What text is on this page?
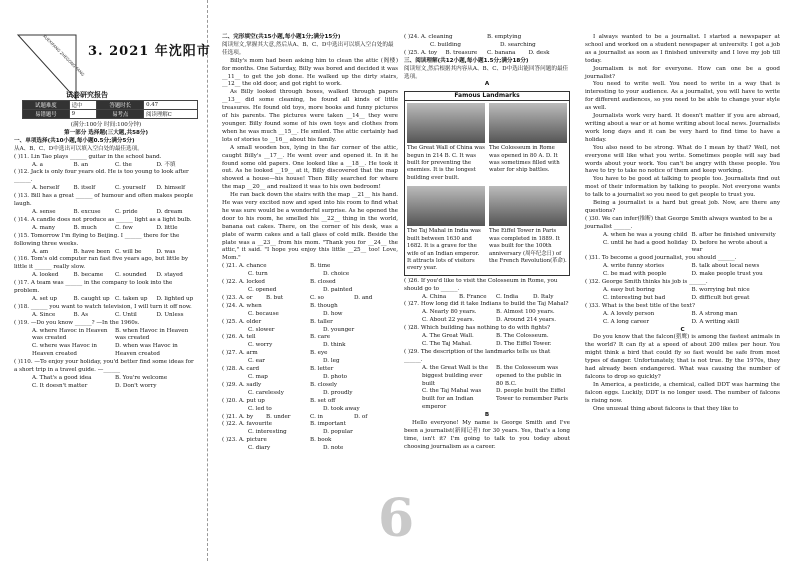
XUEXIFANG ZHEGONG FANG 3. 2021 年沈阳市
试卷研究报告
试题难度	适中	答题时长	0.47
易错题号	9	易考点	阅读理解C

(满分:100分 时间:100分钟)

第一部分 选择题(三大题,共58分)

一、单项选择(共10小题,每小题0.5分;满分5分)

从A、B、C、D中选出可以填入空白处的最佳选项。

( )11. Lin Tao plays ______ guitar in the school band.

A. a	B. an	C. the	D. 不填

( )12. Jack is only four years old. He is too young to look after ______.

A. herself	B. itself	C. yourself	D. himself

( )13. Bill has a great ______ of humour and often makes people laugh.

A. sense	B. excuse	C. pride	D. dream

( )14. A candle does not produce as ______ light as a light bulb.

A. many	B. much	C. few	D. little

( )15. Tomorrow I'm flying to Beijing. I ______ there for the following three weeks.

A. am	B. have been C. will be	D. was

( )16. Tom's old computer ran fast five years ago, but little by little it ______ really slow.

A. looked	B. became	C. sounded	D. stayed

( )17. A team was ______ in the company to look into the problem.

A. set up	B. caught up C. taken up	D. lighted up

( )18. ______ you want to watch television, I will turn it off now.

A. Since	B. As	C. Until	D. Unless

( )19. —Do you know ______? —In the 1960s.

A. where Havoc in Heaven was created
B. when Havoc in Heaven was created
C. where was Havoc in Heaven created
D. when was Havoc in Heaven created

( )110. —To enjoy your holiday, you'd better find some ideas for a short trip in a travel guide. —______

A. That's a good idea	B. You're welcome
C. It doesn't matter	D. Don't worry

二、完形填空(共15小题,每小题1分;满分15分)

阅读短文,掌握其大意,然后从A、B、C、D中选出可以填入空白处的最佳选项。

Billy's mom had been asking him to clean the attic (阁楼) for months. One Saturday, Billy was bored and decided it was __11__ to get the job done. He walked up the dirty stairs, __12__ the old door, and got right to work.

As Billy looked through boxes, walked through papers __13__ did some cleaning, he found all kinds of little treasures. He found old toys, more books and funny pictures of his parents. The pictures were taken __14__ they were younger. Billy found some of his own toys and clothes from when he was much __15__. He smiled. The attic certainly had lots of stories to __16__ about his family.

A small wooden box, lying in the far corner of the attic, caught Billy's __17__. He went over and opened it. In it he found some old papers. One looked like a __18__. He took it out. As he looked __19__ at it, Billy discovered that the map showed a house—his house! Then Billy searched for where the map __20__ and realized it was to his own bedroom!

He ran back down the stairs with the map __21__ his hand. He was very excited now and sped into his room to find what he was sure would be a wonderful surprise. As he opened the door to his room, he smelled his __22__ thing in the world, banana oat cakes. There, on the corner of his desk, was a plate of warm cakes and a tall glass of cold milk. Beside the plate was a __23__ from his mom. "Thank you for __24__ the attic," it said. "I hope you enjoy this little __25__ too! Love, Mom."

( )21. A. chance	B. time
C. turn	D. choice
( )22. A. locked	B. closed
C. opened	D. painted
( )23. A. or	B. but	C. so	D. and
( )24. A. when	B. though
C. because	D. how
( )25. A. older	B. taller
C. slower	D. younger
( )26. A. tell	B. care
C. worry	D. think
( )27. A. arm	B. eye
C. ear	D. leg
( )28. A. card	B. letter
C. map	D. photo
( )29. A. sadly	B. closely
C. carelessly	D. proudly
( )20. A. put up	B. set off
C. led to	D. took away
( )21. A. by	B. under	C. in	D. of
( )22. A. favourite	B. important
C. interesting	D. popular
( )23. A. picture	B. book
C. diary	D. note
( )24. A. cleaning	B. emptying
C. building	D. searching
( )25. A. toy	B. treasure	C. banana	D. desk

三、阅读理解(共12小题,每小题1.5分;满分18分)

阅读短文,然后根据其内容从A、B、C、D中选出能回答问题的最佳选项。

A

Famous Landmarks
The Great Wall of China was begun in 214 B. C. It was built for preventing the enemies. It is the longest building ever built.
The Colosseum in Rome was opened in 80 A. D. It was sometimes filled with water for ship battles.
The Taj Mahal in India was built between 1630 and 1682. It is a grave for the wife of an Indian emperor. It attracts lots of visitors every year.
The Eiffel Tower in Paris was completed in 1889. It was built for the 100th anniversary (周年纪念日) of the French Revolution(革命).

( )26. If you'd like to visit the Colosseum in Rome, you should go to ______.

A. China	B. France	C. India	D. Italy

( )27. How long did it take Indians to build the Taj Mahal?

A. Nearly 80 years.	B. Almost 100 years.
C. About 22 years.	D. Around 214 years.

( )28. Which building has nothing to do with fights?

A. The Great Wall.	B. The Colosseum.
C. The Taj Mahal.	D. The Eiffel Tower.

( )29. The description of the landmarks tells us that ______.

A. the Great Wall is the biggest building ever built
B. the Colosseum was opened to the public in 80 B.C.
C. the Taj Mahal was built for an Indian emperor
D. people built the Eiffel Tower to remember Paris

B

Hello everyone! My name is George Smith and I've been a journalist(新闻记者) for 30 years. Yes, that's a long time, isn't it? I'm going to talk to you today about choosing journalism as a career.

I always wanted to be a journalist. I started a newspaper at school and worked on a student newspaper at university. I got a job as a journalist as soon as I finished university and I love my job till today.

Journalism is not for everyone. How can one be a good journalist?

You need to write well. You need to write in a way that is interesting to your audience. As a journalist, you will have to write for different audiences, so you need to be able to change your style as well.

Journalists work very hard. It doesn't matter if you are abroad, writing about a war or at home writing about local news. Journalists work long days and it can be very hard to find time to have a holiday.

You also need to be strong. What do I mean by that? Well, not everyone will like what you write. Sometimes people will say bad words about your work. You can't be angry with these people. You have to try to take no notice of them and keep working.

You have to be good at talking to people too. Journalists find out most of their information by talking to people. Not everyone wants to talk to a journalist so you need to get people to trust you.

Being a journalist is a hard but great job. Now, are there any questions?

( )30. We can infer(推断) that George Smith always wanted to be a journalist ______.

A. when he was a young child B. after he finished university
C. until he had a good holiday D. before he wrote about a war

( )31. To become a good journalist, you should ______.

A. write funny stories	B. talk about local news
C. be mad with people	D. make people trust you

( )32. George Smith thinks his job is ______.

A. easy but boring	B. worrying but nice
C. interesting but bad	D. difficult but great

( )33. What is the best title of the text?

A. A lovely person	B. A strong man
C. A long career	D. A writing skill

C

Do you know that the falcon(猎鹰) is among the fastest animals in the world? It can fly at a speed of about 200 miles per hour. You might think a bird that could fly so fast would be safe from most types of danger. Unfortunately, that is not true. By the 1970s, they had already been endangered. What was causing the number of falcons to drop so quickly?

In America, a pesticide, a chemical, called DDT was harming the falcon eggs. Luckily, DDT is no longer used. The number of falcons is rising now.

One unusual thing about falcons is that they like to

6
